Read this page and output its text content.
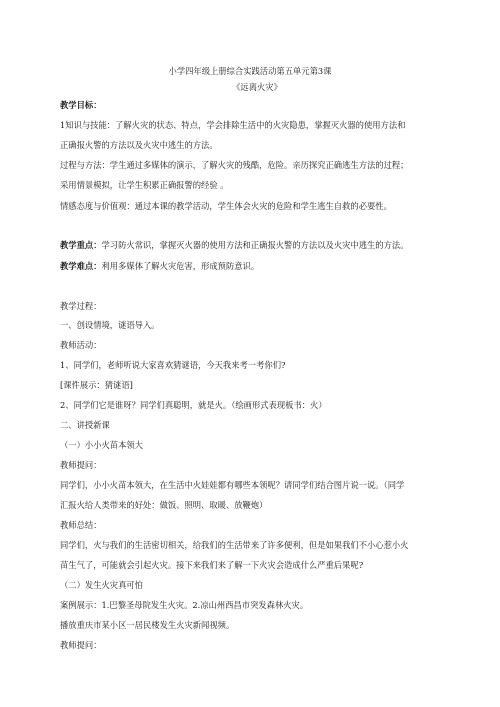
小学四年级上册综合实践活动第五单元第3课
《远离火灾》
教学目标：
1知识与技能：了解火灾的状态、特点，学会排除生活中的火灾隐患，掌握灭火器的使用方法和
正确报火警的方法以及火灾中逃生的方法。
过程与方法：学生通过多媒体的演示，了解火灾的残酷，危险。亲历探究正确逃生方法的过程；
采用情景模拟，让学生积累正确报警的经验 。
情感态度与价值观：通过本课的教学活动，学生体会火灾的危险和学生逃生自救的必要性。
教学重点：学习防火常识，掌握灭火器的使用方法和正确报火警的方法以及火灾中逃生的方法。
教学难点：利用多媒体了解火灾危害，形成预防意识。
教学过程：
一、创设情境，谜语导入。
教师活动：
1、同学们，老师听说大家喜欢猜谜语，今天我来考一考你们?
[课件展示：猜谜语]
2、同学们它是谁呀？同学们真聪明，就是火。（绘画形式表现板书：火）
二、讲授新课
（一）小小火苗本领大
教师提问：
同学们，小小火苗本领大，在生活中火娃娃都有哪些本领呢？请同学们结合图片说一说。（同学
汇报火给人类带来的好处：做饭、照明、取暖、放鞭炮）
教师总结：
同学们，火与我们的生活密切相关，给我们的生活带来了许多便利，但是如果我们不小心惹小火
苗生气了，可能就会引起火灾。接下来我们来了解一下火灾会造成什么严重后果呢?
（二）发生火灾真可怕
案例展示：1.巴黎圣母院发生火灾。2.凉山州西昌市突发森林火灾。
播放重庆市某小区一居民楼发生火灾新闻视频。
教师提问：
